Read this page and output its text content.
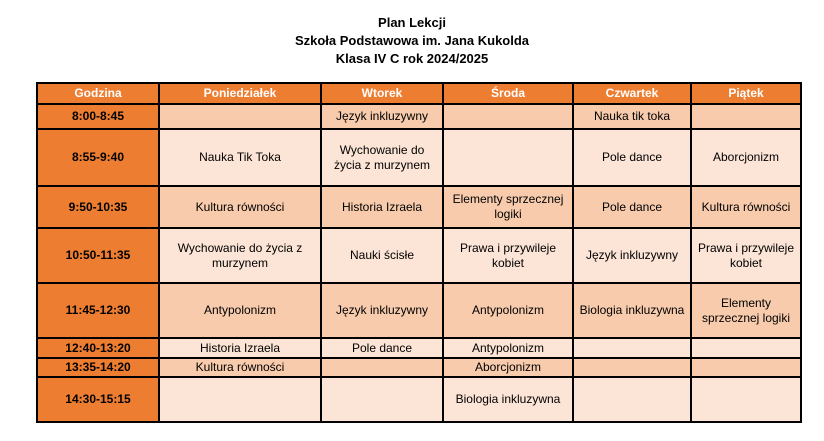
Plan Lekcji
Szkoła Podstawowa im. Jana Kukolda
Klasa IV C rok 2024/2025
Godzina	Poniedziałek	Wtorek	Środa	Czwartek	Piątek
8:00-8:45		Język inkluzywny		Nauka tik toka	
8:55-9:40	Nauka Tik Toka	Wychowanie do życia z murzynem		Pole dance	Aborcjonizm
9:50-10:35	Kultura równości	Historia Izraela	Elementy sprzecznej logiki	Pole dance	Kultura równości
10:50-11:35	Wychowanie do życia z murzynem	Nauki ścisłe	Prawa i przywileje kobiet	Język inkluzywny	Prawa i przywileje kobiet
11:45-12:30	Antypolonizm	Język inkluzywny	Antypolonizm	Biologia inkluzywna	Elementy sprzecznej logiki
12:40-13:20	Historia Izraela	Pole dance	Antypolonizm		
13:35-14:20	Kultura równości		Aborcjonizm		
14:30-15:15			Biologia inkluzywna		
